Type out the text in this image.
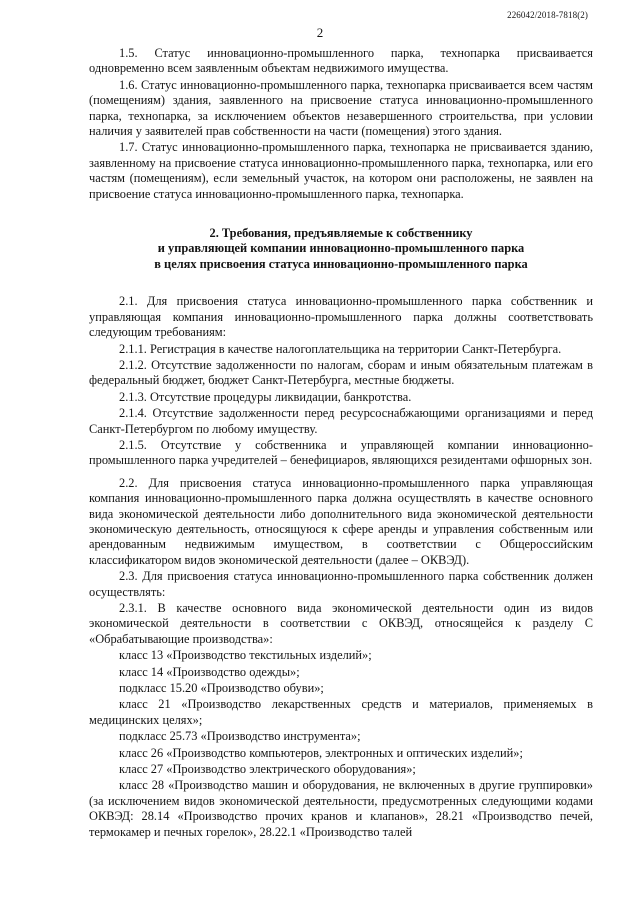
226042/2018-7818(2)
2

1.5. Статус инновационно-промышленного парка, технопарка присваивается одновременно всем заявленным объектам недвижимого имущества.

1.6. Статус инновационно-промышленного парка, технопарка присваивается всем частям (помещениям) здания, заявленного на присвоение статуса инновационно-промышленного парка, технопарка, за исключением объектов незавершенного строительства, при условии наличия у заявителей прав собственности на части (помещения) этого здания.

1.7. Статус инновационно-промышленного парка, технопарка не присваивается зданию, заявленному на присвоение статуса инновационно-промышленного парка, технопарка, или его частям (помещениям), если земельный участок, на котором они расположены, не заявлен на присвоение статуса инновационно-промышленного парка, технопарка.

2. Требования, предъявляемые к собственнику
и управляющей компании инновационно-промышленного парка
в целях присвоения статуса инновационно-промышленного парка

2.1. Для присвоения статуса инновационно-промышленного парка собственник и управляющая компания инновационно-промышленного парка должны соответствовать следующим требованиям:

2.1.1. Регистрация в качестве налогоплательщика на территории Санкт-Петербурга.

2.1.2. Отсутствие задолженности по налогам, сборам и иным обязательным платежам в федеральный бюджет, бюджет Санкт-Петербурга, местные бюджеты.

2.1.3. Отсутствие процедуры ликвидации, банкротства.

2.1.4. Отсутствие задолженности перед ресурсоснабжающими организациями и перед Санкт-Петербургом по любому имуществу.

2.1.5. Отсутствие у собственника и управляющей компании инновационно-промышленного парка учредителей – бенефициаров, являющихся резидентами офшорных зон.

2.2. Для присвоения статуса инновационно-промышленного парка управляющая компания инновационно-промышленного парка должна осуществлять в качестве основного вида экономической деятельности либо дополнительного вида экономической деятельности экономическую деятельность, относящуюся к сфере аренды и управления собственным или арендованным недвижимым имуществом, в соответствии с Общероссийским классификатором видов экономической деятельности (далее – ОКВЭД).

2.3. Для присвоения статуса инновационно-промышленного парка собственник должен осуществлять:

2.3.1. В качестве основного вида экономической деятельности один из видов экономической деятельности в соответствии с ОКВЭД, относящейся к разделу С «Обрабатывающие производства»:

класс 13 «Производство текстильных изделий»;

класс 14 «Производство одежды»;

подкласс 15.20 «Производство обуви»;

класс 21 «Производство лекарственных средств и материалов, применяемых в медицинских целях»;

подкласс 25.73 «Производство инструмента»;

класс 26 «Производство компьютеров, электронных и оптических изделий»;

класс 27 «Производство электрического оборудования»;

класс 28 «Производство машин и оборудования, не включенных в другие группировки» (за исключением видов экономической деятельности, предусмотренных следующими кодами ОКВЭД: 28.14 «Производство прочих кранов и клапанов», 28.21 «Производство печей, термокамер и печных горелок», 28.22.1 «Производство талей
